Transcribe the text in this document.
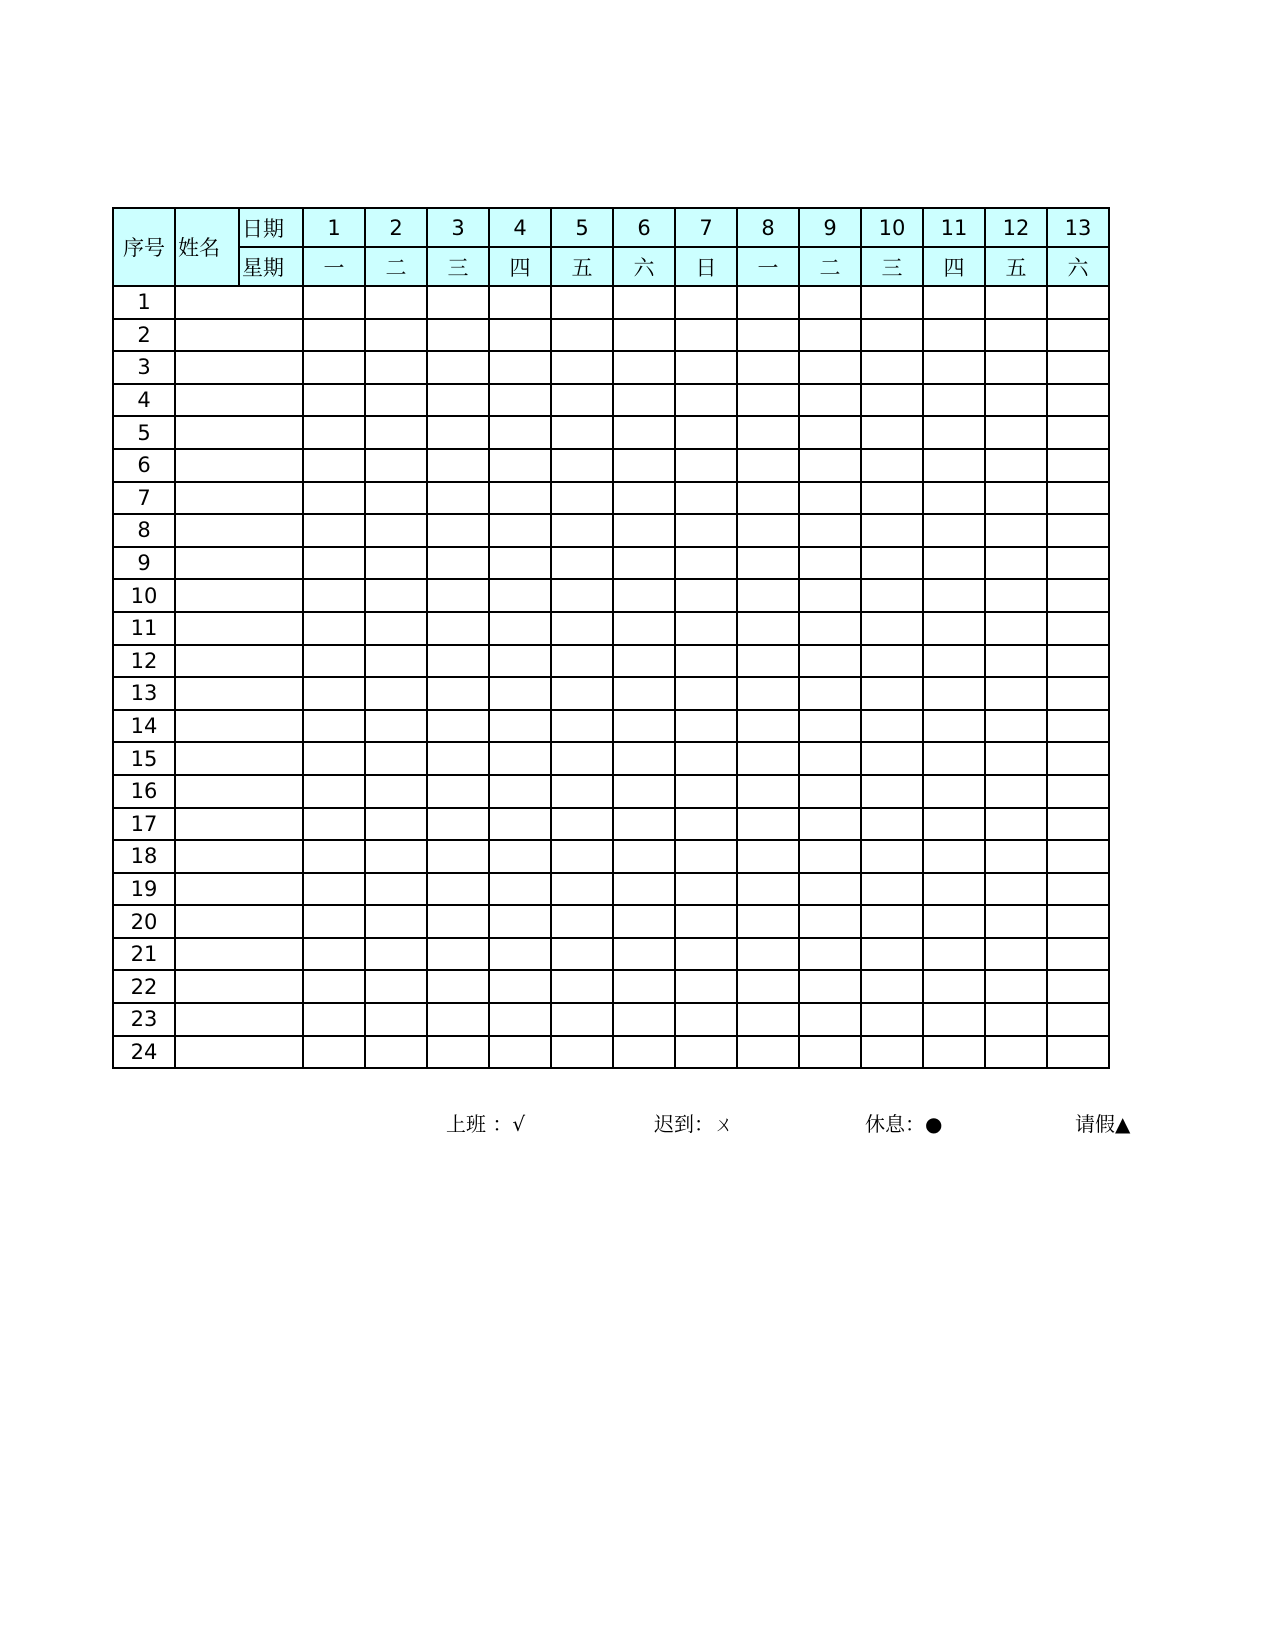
序号	姓名	日期	1	2	3	4	5	6	7	8	9	10	11	12	13
		星期	一	二	三	四	五	六	日	一	二	三	四	五	六
1															
2															
3															
4															
5															
6															
7															
8															
9															
10															
11															
12															
13															
14															
15															
16															
17															
18															
19															
20															
21															
22															
23															
24															
上班 ：√	迟到：ㄨ	休息：●	请假▲
